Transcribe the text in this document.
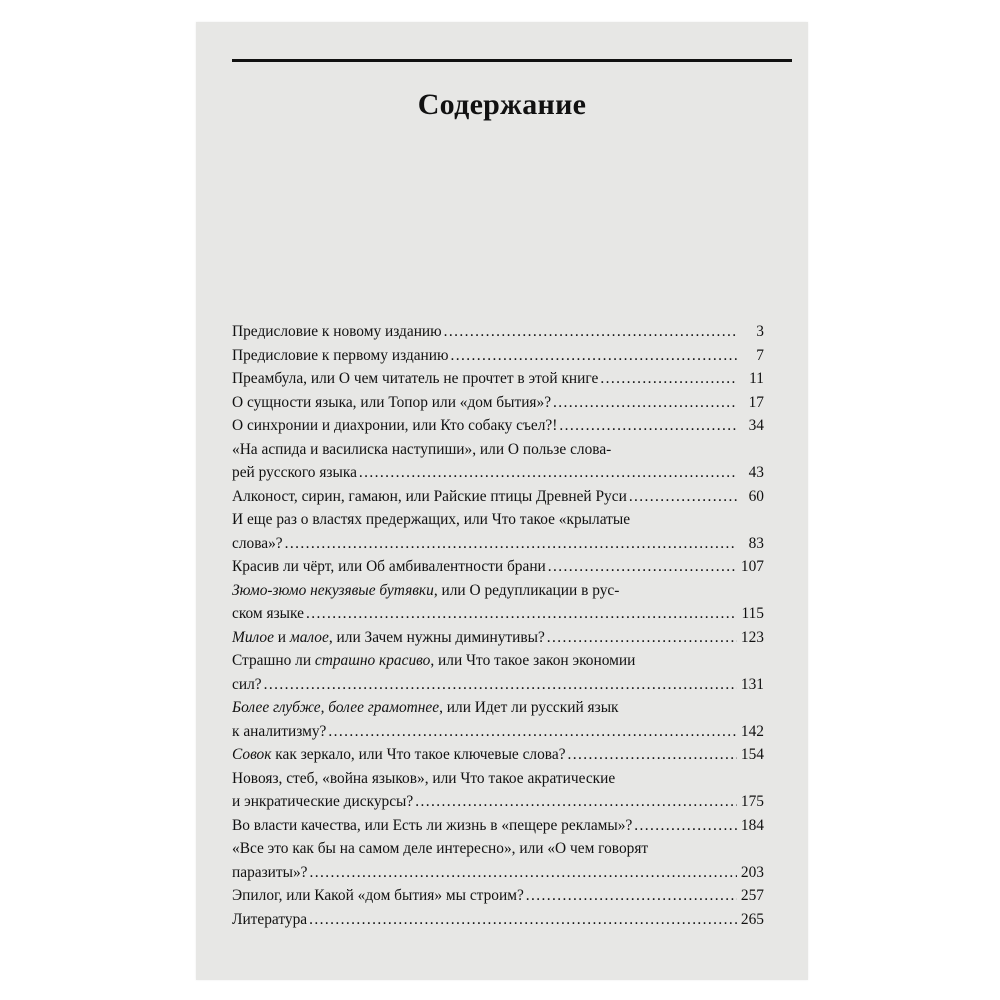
Содержание
Предисловие к новому изданию .....	3
Предисловие к первому изданию .....	7
Преамбула, или О чем читатель не прочтет в этой книге .....	11
О сущности языка, или Топор или «дом бытия»? .....	17
О синхронии и диахронии, или Кто собаку съел?! .....	34
«На аспида и василиска наступиши», или О пользе слова-
рей русского языка .....	43
Алконост, сирин, гамаюн, или Райские птицы Древней Руси .....	60
И еще раз о властях предержащих, или Что такое «крылатые
слова»? .....	83
Красив ли чёрт, или Об амбивалентности брани .....	107
Зюмо-зюмо некузявые бутявки, или О редупликации в рус-
ском языке .....	115
Милое и малое, или Зачем нужны диминутивы? .....	123
Страшно ли страшно красиво, или Что такое закон экономии
сил? .....	131
Более глубже, более грамотнее, или Идет ли русский язык
к аналитизму? .....	142
Совок как зеркало, или Что такое ключевые слова? .....	154
Новояз, стеб, «война языков», или Что такое акратические
и энкратические дискурсы? .....	175
Во власти качества, или Есть ли жизнь в «пещере рекламы»? .....	184
«Все это как бы на самом деле интересно», или «О чем говорят
паразиты»? .....	203
Эпилог, или Какой «дом бытия» мы строим? .....	257
Литература .....	265
